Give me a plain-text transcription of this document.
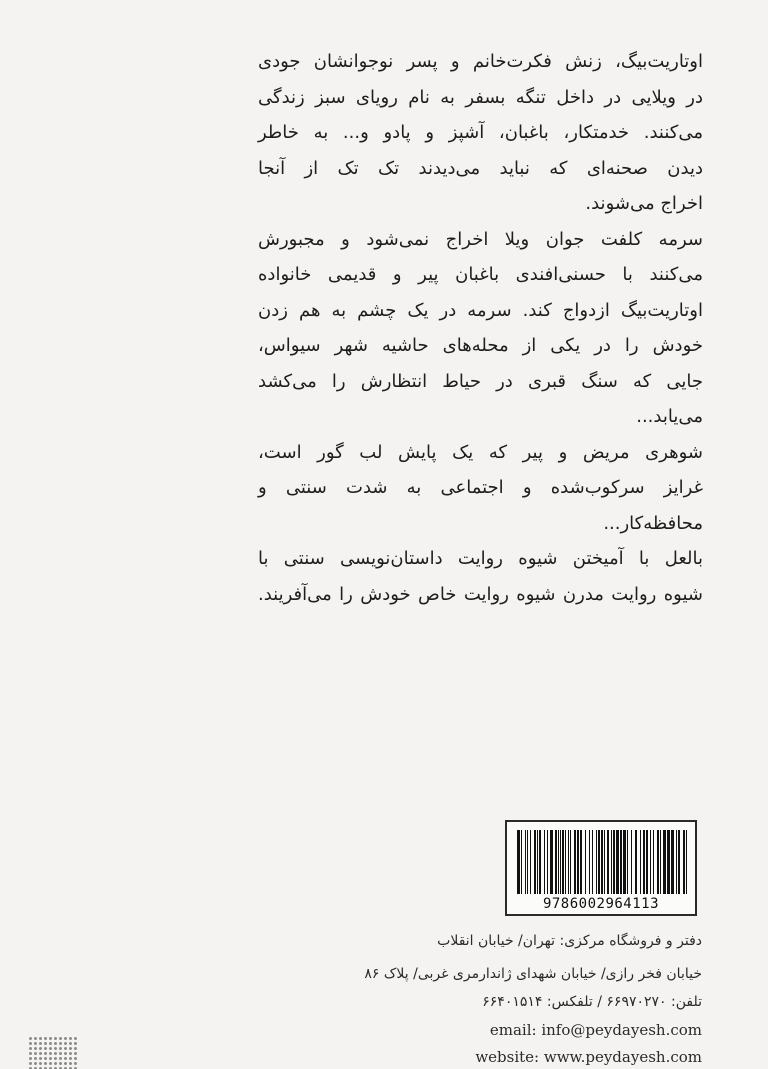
اوتاریت‌بیگ، زنش فکرت‌خانم و پسر نوجوانشان جودی
در ویلایی در داخل تنگه بسفر به نام رویای سبز زندگی
می‌کنند. خدمتکار، باغبان، آشپز و پادو و... به خاطر
دیدن صحنه‌ای که نباید می‌دیدند تک تک از آنجا
اخراج می‌شوند.
سرمه کلفت جوان ویلا اخراج نمی‌شود و مجبورش
می‌کنند با حسنی‌افندی باغبان پیر و قدیمی خانواده
اوتاریت‌بیگ ازدواج کند. سرمه در یک چشم به هم زدن
خودش را در یکی از محله‌های حاشیه شهر سیواس،
جایی که سنگ قبری در حیاط انتظارش را می‌کشد
می‌یابد...
شوهری مریض و پیر که یک پایش لب گور است،
غرایز سرکوب‌شده و اجتماعی به شدت سنتی و
محافظه‌کار...
بالعل با آمیختن شیوه روایت داستان‌نویسی سنتی با
شیوه روایت مدرن شیوه روایت خاص خودش را می‌آفریند.
9786002964113
دفتر و فروشگاه مرکزی: تهران/ خیابان انقلاب
خیابان فخر رازی/ خیابان شهدای ژاندارمری غربی/ پلاک ۸۶
تلفن: ۶۶۹۷۰۲۷۰ / تلفکس: ۶۶۴۰۱۵۱۴
email: info@peydayesh.com
website: www.peydayesh.com
